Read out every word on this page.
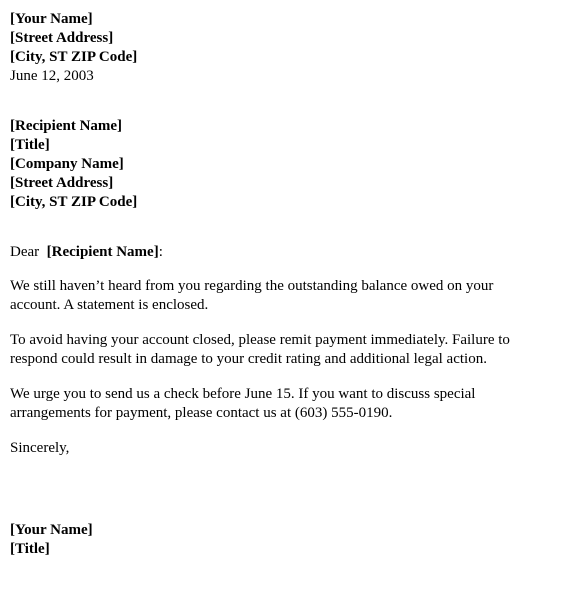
[Your Name]
[Street Address]
[City, ST ZIP Code]
June 12, 2003
[Recipient Name]
[Title]
[Company Name]
[Street Address]
[City, ST ZIP Code]
Dear  [Recipient Name]:
We still haven’t heard from you regarding the outstanding balance owed on your
account. A statement is enclosed.
To avoid having your account closed, please remit payment immediately. Failure to
respond could result in damage to your credit rating and additional legal action.
We urge you to send us a check before June 15. If you want to discuss special
arrangements for payment, please contact us at (603) 555-0190.
Sincerely,
[Your Name]
[Title]
